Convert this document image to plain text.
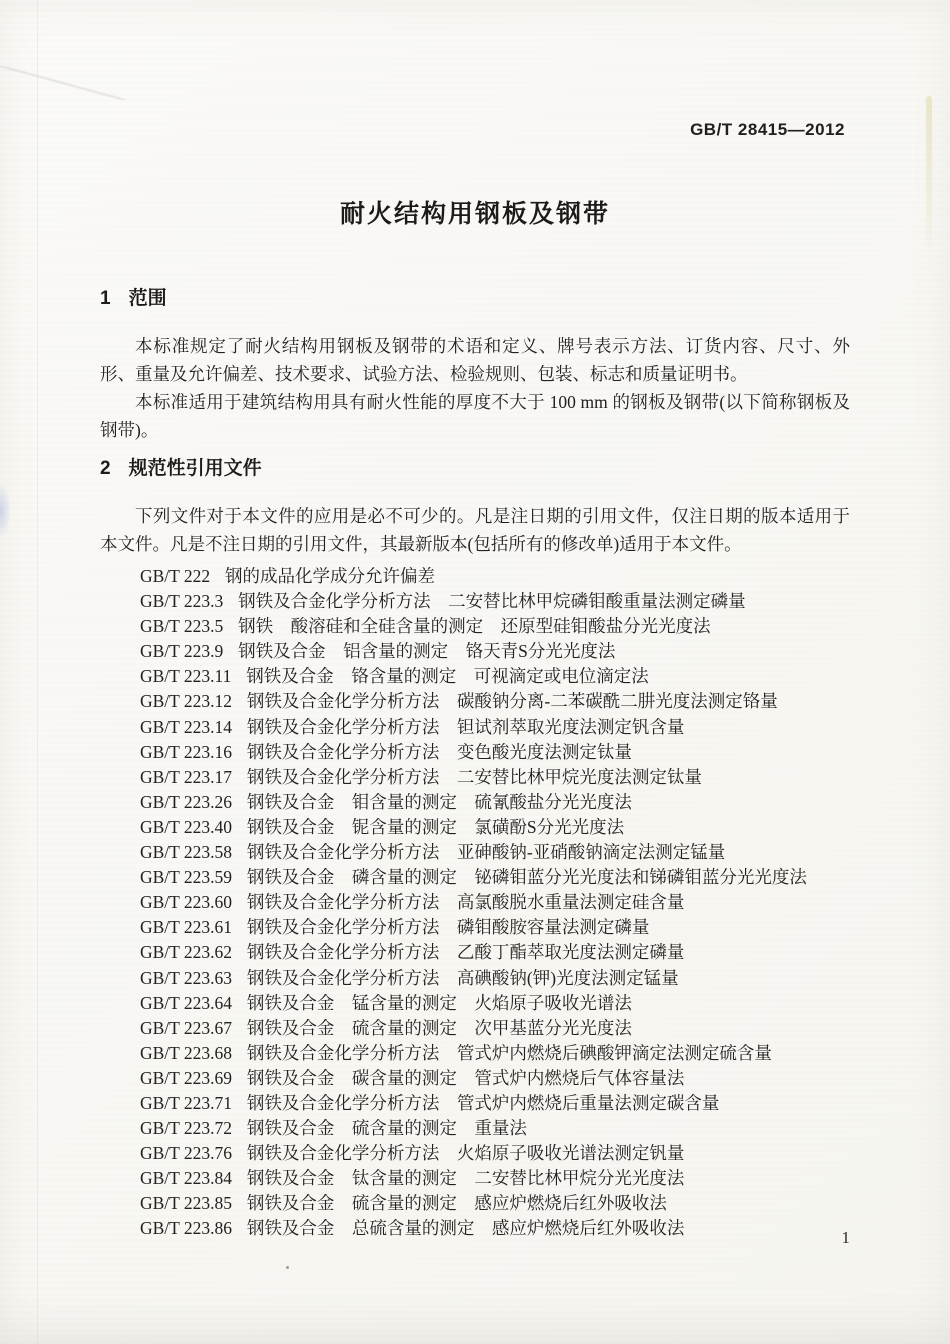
GB/T 28415—2012
耐火结构用钢板及钢带
1 范围

本标准规定了耐火结构用钢板及钢带的术语和定义、牌号表示方法、订货内容、尺寸、外形、重量及允许偏差、技术要求、试验方法、检验规则、包装、标志和质量证明书。

本标准适用于建筑结构用具有耐火性能的厚度不大于 100 mm 的钢板及钢带(以下简称钢板及钢带)。

2 规范性引用文件

下列文件对于本文件的应用是必不可少的。凡是注日期的引用文件，仅注日期的版本适用于本文件。凡是不注日期的引用文件，其最新版本(包括所有的修改单)适用于本文件。

GB/T 222 钢的成品化学成分允许偏差
GB/T 223.3 钢铁及合金化学分析方法　二安替比林甲烷磷钼酸重量法测定磷量
GB/T 223.5 钢铁　酸溶硅和全硅含量的测定　还原型硅钼酸盐分光光度法
GB/T 223.9 钢铁及合金　铝含量的测定　铬天青S分光光度法
GB/T 223.11 钢铁及合金　铬含量的测定　可视滴定或电位滴定法
GB/T 223.12 钢铁及合金化学分析方法　碳酸钠分离-二苯碳酰二肼光度法测定铬量
GB/T 223.14 钢铁及合金化学分析方法　钽试剂萃取光度法测定钒含量
GB/T 223.16 钢铁及合金化学分析方法　变色酸光度法测定钛量
GB/T 223.17 钢铁及合金化学分析方法　二安替比林甲烷光度法测定钛量
GB/T 223.26 钢铁及合金　钼含量的测定　硫氰酸盐分光光度法
GB/T 223.40 钢铁及合金　铌含量的测定　氯磺酚S分光光度法
GB/T 223.58 钢铁及合金化学分析方法　亚砷酸钠-亚硝酸钠滴定法测定锰量
GB/T 223.59 钢铁及合金　磷含量的测定　铋磷钼蓝分光光度法和锑磷钼蓝分光光度法
GB/T 223.60 钢铁及合金化学分析方法　高氯酸脱水重量法测定硅含量
GB/T 223.61 钢铁及合金化学分析方法　磷钼酸胺容量法测定磷量
GB/T 223.62 钢铁及合金化学分析方法　乙酸丁酯萃取光度法测定磷量
GB/T 223.63 钢铁及合金化学分析方法　高碘酸钠(钾)光度法测定锰量
GB/T 223.64 钢铁及合金　锰含量的测定　火焰原子吸收光谱法
GB/T 223.67 钢铁及合金　硫含量的测定　次甲基蓝分光光度法
GB/T 223.68 钢铁及合金化学分析方法　管式炉内燃烧后碘酸钾滴定法测定硫含量
GB/T 223.69 钢铁及合金　碳含量的测定　管式炉内燃烧后气体容量法
GB/T 223.71 钢铁及合金化学分析方法　管式炉内燃烧后重量法测定碳含量
GB/T 223.72 钢铁及合金　硫含量的测定　重量法
GB/T 223.76 钢铁及合金化学分析方法　火焰原子吸收光谱法测定钒量
GB/T 223.84 钢铁及合金　钛含量的测定　二安替比林甲烷分光光度法
GB/T 223.85 钢铁及合金　硫含量的测定　感应炉燃烧后红外吸收法
GB/T 223.86 钢铁及合金　总硫含量的测定　感应炉燃烧后红外吸收法	1
